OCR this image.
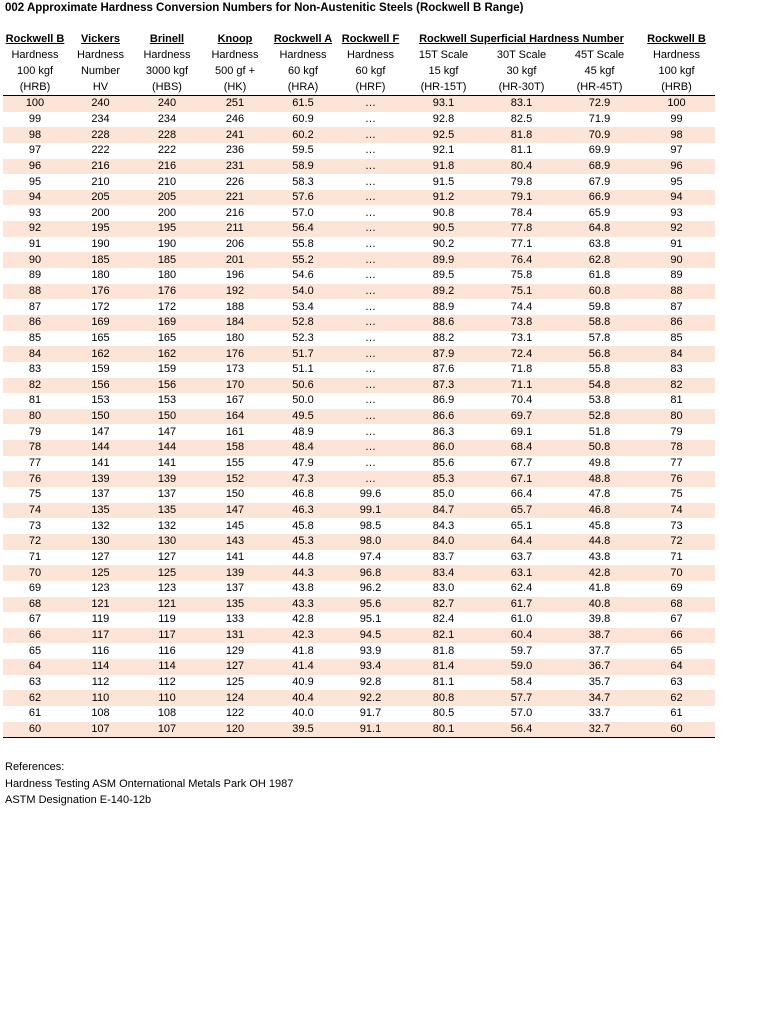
002 Approximate Hardness Conversion Numbers for Non-Austenitic Steels (Rockwell B Range)
Rockwell B	Vickers	Brinell	Knoop	Rockwell A	Rockwell F	Rockwell Superficial Hardness Number			Rockwell B
Hardness	Hardness	Hardness	Hardness	Hardness	Hardness	15T Scale	30T Scale	45T Scale	Hardness
100 kgf	Number	3000 kgf	500 gf +	60 kgf	60 kgf	15 kgf	30 kgf	45 kgf	100 kgf
(HRB)	HV	(HBS)	(HK)	(HRA)	(HRF)	(HR-15T)	(HR-30T)	(HR-45T)	(HRB)
100	240	240	251	61.5	…	93.1	83.1	72.9	100
99	234	234	246	60.9	…	92.8	82.5	71.9	99
98	228	228	241	60.2	…	92.5	81.8	70.9	98
97	222	222	236	59.5	…	92.1	81.1	69.9	97
96	216	216	231	58.9	…	91.8	80.4	68.9	96
95	210	210	226	58.3	…	91.5	79.8	67.9	95
94	205	205	221	57.6	…	91.2	79.1	66.9	94
93	200	200	216	57.0	…	90.8	78.4	65.9	93
92	195	195	211	56.4	…	90.5	77.8	64.8	92
91	190	190	206	55.8	…	90.2	77.1	63.8	91
90	185	185	201	55.2	…	89.9	76.4	62.8	90
89	180	180	196	54.6	…	89.5	75.8	61.8	89
88	176	176	192	54.0	…	89.2	75.1	60.8	88
87	172	172	188	53.4	…	88.9	74.4	59.8	87
86	169	169	184	52.8	…	88.6	73.8	58.8	86
85	165	165	180	52.3	…	88.2	73.1	57.8	85
84	162	162	176	51.7	…	87.9	72.4	56.8	84
83	159	159	173	51.1	…	87.6	71.8	55.8	83
82	156	156	170	50.6	…	87.3	71.1	54.8	82
81	153	153	167	50.0	…	86.9	70.4	53.8	81
80	150	150	164	49.5	…	86.6	69.7	52.8	80
79	147	147	161	48.9	…	86.3	69.1	51.8	79
78	144	144	158	48.4	…	86.0	68.4	50.8	78
77	141	141	155	47.9	…	85.6	67.7	49.8	77
76	139	139	152	47.3	…	85.3	67.1	48.8	76
75	137	137	150	46.8	99.6	85.0	66.4	47.8	75
74	135	135	147	46.3	99.1	84.7	65.7	46.8	74
73	132	132	145	45.8	98.5	84.3	65.1	45.8	73
72	130	130	143	45.3	98.0	84.0	64.4	44.8	72
71	127	127	141	44.8	97.4	83.7	63.7	43.8	71
70	125	125	139	44.3	96.8	83.4	63.1	42.8	70
69	123	123	137	43.8	96.2	83.0	62.4	41.8	69
68	121	121	135	43.3	95.6	82.7	61.7	40.8	68
67	119	119	133	42.8	95.1	82.4	61.0	39.8	67
66	117	117	131	42.3	94.5	82.1	60.4	38.7	66
65	116	116	129	41.8	93.9	81.8	59.7	37.7	65
64	114	114	127	41.4	93.4	81.4	59.0	36.7	64
63	112	112	125	40.9	92.8	81.1	58.4	35.7	63
62	110	110	124	40.4	92.2	80.8	57.7	34.7	62
61	108	108	122	40.0	91.7	80.5	57.0	33.7	61
60	107	107	120	39.5	91.1	80.1	56.4	32.7	60
References:
Hardness Testing ASM Onternational Metals Park OH 1987
ASTM Designation E-140-12b
